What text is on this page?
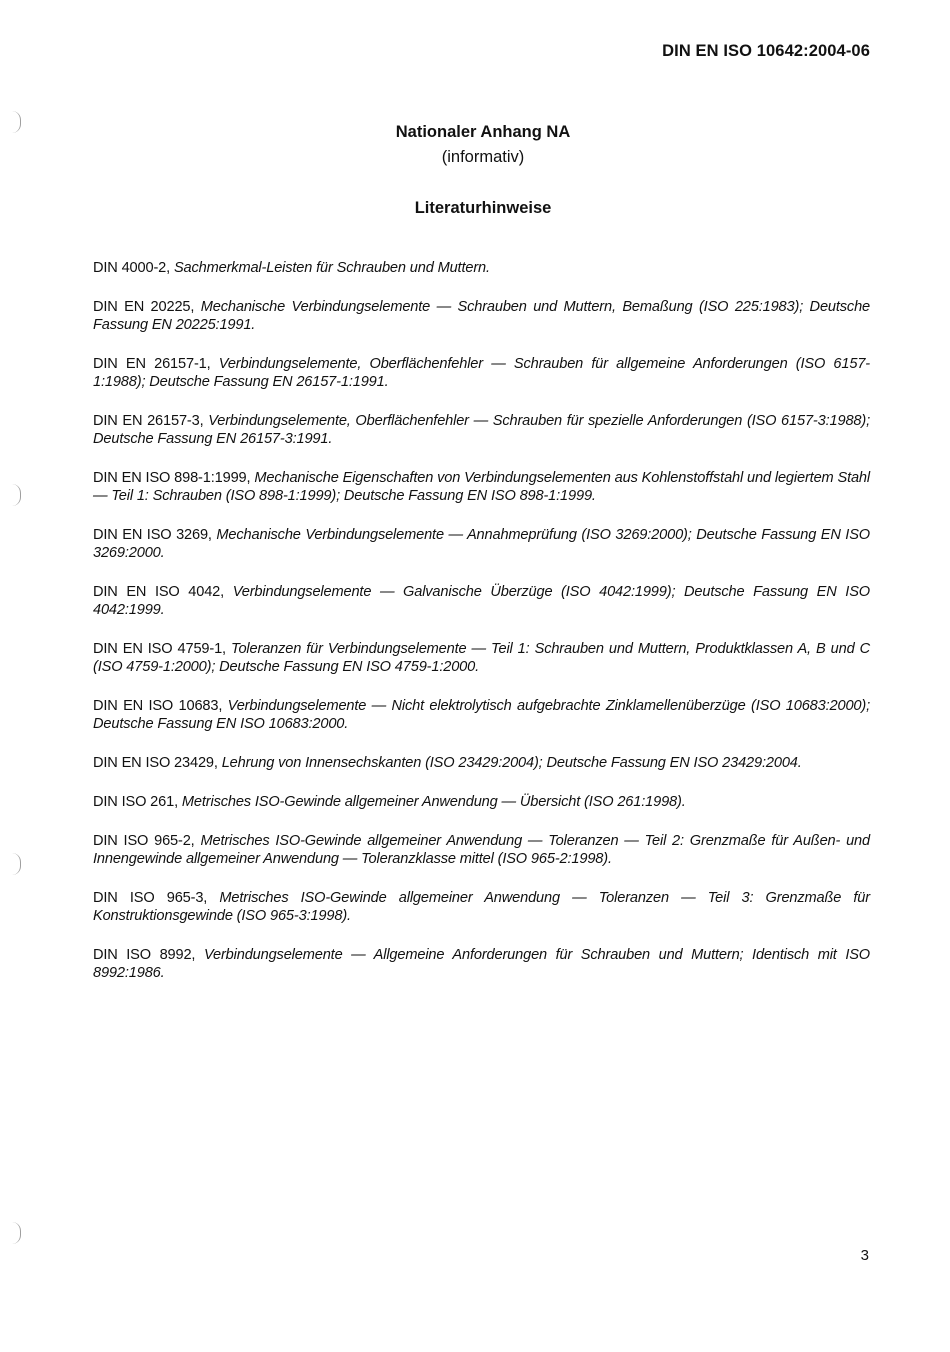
DIN EN ISO 10642:2004-06
Nationaler Anhang NA
(informativ)
Literaturhinweise
DIN 4000-2, Sachmerkmal-Leisten für Schrauben und Muttern.
DIN EN 20225, Mechanische Verbindungselemente — Schrauben und Muttern, Bemaßung (ISO 225:1983); Deutsche Fassung EN 20225:1991.
DIN EN 26157-1, Verbindungselemente, Oberflächenfehler — Schrauben für allgemeine Anforderungen (ISO 6157-1:1988); Deutsche Fassung EN 26157-1:1991.
DIN EN 26157-3, Verbindungselemente, Oberflächenfehler — Schrauben für spezielle Anforderungen (ISO 6157-3:1988); Deutsche Fassung EN 26157-3:1991.
DIN EN ISO 898-1:1999, Mechanische Eigenschaften von Verbindungselementen aus Kohlenstoffstahl und legiertem Stahl — Teil 1: Schrauben (ISO 898-1:1999); Deutsche Fassung EN ISO 898-1:1999.
DIN EN ISO 3269, Mechanische Verbindungselemente — Annahmeprüfung (ISO 3269:2000); Deutsche Fassung EN ISO 3269:2000.
DIN EN ISO 4042, Verbindungselemente — Galvanische Überzüge (ISO 4042:1999); Deutsche Fassung EN ISO 4042:1999.
DIN EN ISO 4759-1, Toleranzen für Verbindungselemente — Teil 1: Schrauben und Muttern, Produktklassen A, B und C (ISO 4759-1:2000); Deutsche Fassung EN ISO 4759-1:2000.
DIN EN ISO 10683, Verbindungselemente — Nicht elektrolytisch aufgebrachte Zinklamellenüberzüge (ISO 10683:2000); Deutsche Fassung EN ISO 10683:2000.
DIN EN ISO 23429, Lehrung von Innensechskanten (ISO 23429:2004); Deutsche Fassung EN ISO 23429:2004.
DIN ISO 261, Metrisches ISO-Gewinde allgemeiner Anwendung — Übersicht (ISO 261:1998).
DIN ISO 965-2, Metrisches ISO-Gewinde allgemeiner Anwendung — Toleranzen — Teil 2: Grenzmaße für Außen- und Innengewinde allgemeiner Anwendung — Toleranzklasse mittel (ISO 965-2:1998).
DIN ISO 965-3, Metrisches ISO-Gewinde allgemeiner Anwendung — Toleranzen — Teil 3: Grenzmaße für Konstruktionsgewinde (ISO 965-3:1998).
DIN ISO 8992, Verbindungselemente — Allgemeine Anforderungen für Schrauben und Muttern; Identisch mit ISO 8992:1986.
3
